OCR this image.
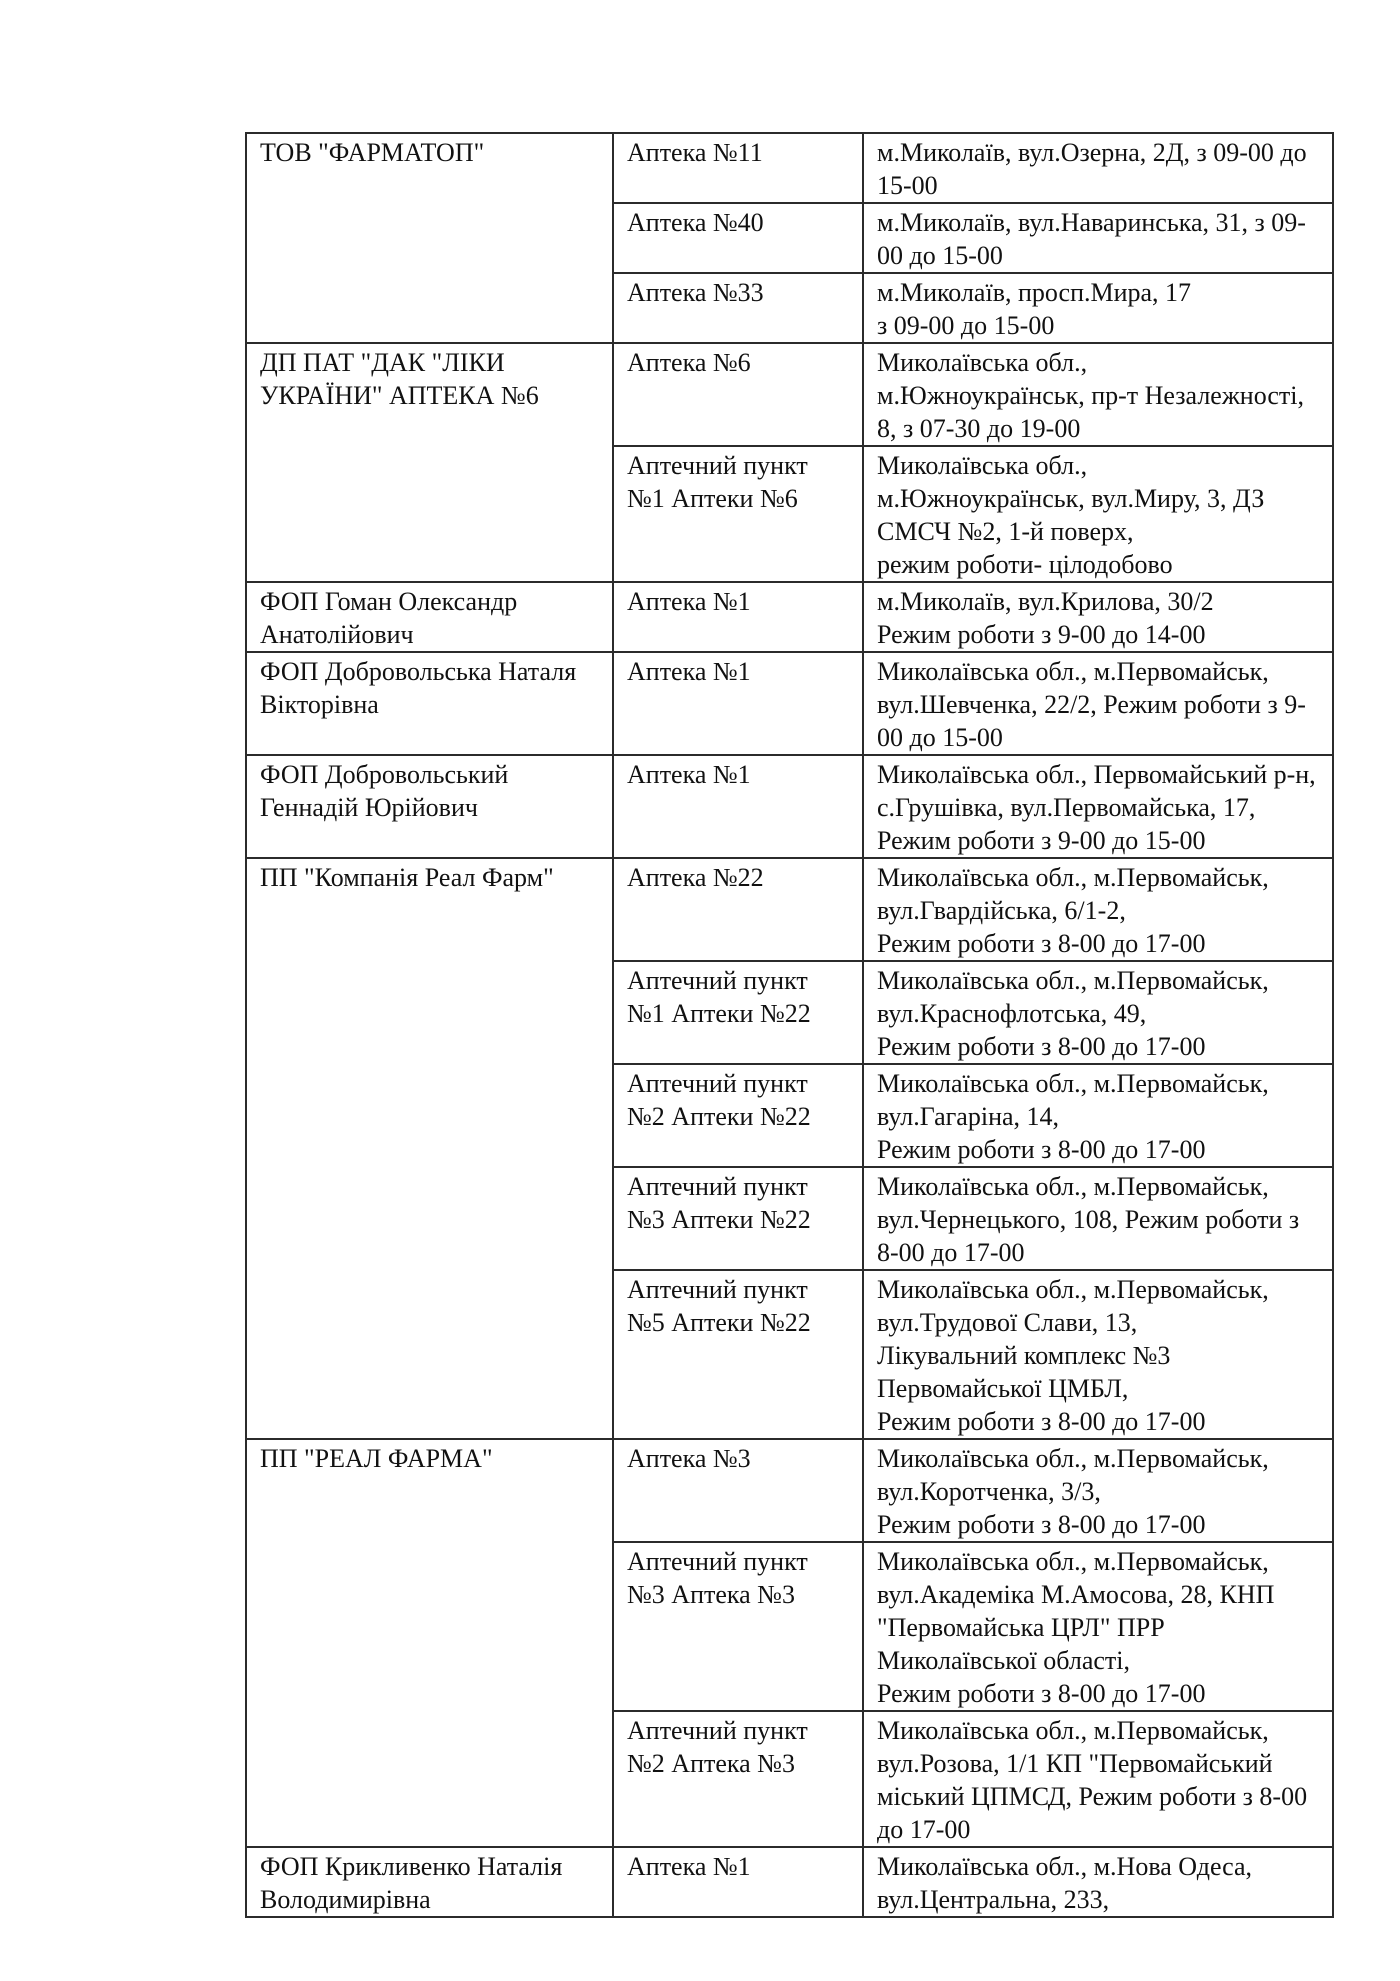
ТОВ "ФАРМАТОП"	Аптека №11	м.Миколаїв, вул.Озерна, 2Д, з 09-00 до 15-00
	Аптека №40	м.Миколаїв, вул.Наваринська, 31, з 09-00 до 15-00
	Аптека №33	м.Миколаїв, просп.Мира, 17
з 09-00 до 15-00
ДП ПАТ "ДАК "ЛІКИ УКРАЇНИ" АПТЕКА №6	Аптека №6	Миколаївська обл.,
м.Южноукраїнськ, пр-т Незалежності, 8, з 07-30 до 19-00
	Аптечний пункт №1 Аптеки №6	Миколаївська обл.,
м.Южноукраїнськ, вул.Миру, 3, ДЗ СМСЧ №2, 1-й поверх,
режим роботи- цілодобово
ФОП Гоман Олександр Анатолійович	Аптека №1	м.Миколаїв, вул.Крилова, 30/2
Режим роботи з 9-00 до 14-00
ФОП Добровольська Наталя Вікторівна	Аптека №1	Миколаївська обл., м.Первомайськ, вул.Шевченка, 22/2, Режим роботи з 9-00 до 15-00
ФОП Добровольський Геннадій Юрійович	Аптека №1	Миколаївська обл., Первомайський р-н, с.Грушівка, вул.Первомайська, 17, Режим роботи з 9-00 до 15-00
ПП "Компанія Реал Фарм"	Аптека №22	Миколаївська обл., м.Первомайськ, вул.Гвардійська, 6/1-2,
Режим роботи з 8-00 до 17-00
	Аптечний пункт №1 Аптеки №22	Миколаївська обл., м.Первомайськ, вул.Краснофлотська, 49,
Режим роботи з 8-00 до 17-00
	Аптечний пункт №2 Аптеки №22	Миколаївська обл., м.Первомайськ, вул.Гагаріна, 14,
Режим роботи з 8-00 до 17-00
	Аптечний пункт №3 Аптеки №22	Миколаївська обл., м.Первомайськ, вул.Чернецького, 108, Режим роботи з 8-00 до 17-00
	Аптечний пункт №5 Аптеки №22	Миколаївська обл., м.Первомайськ, вул.Трудової Слави, 13,
Лікувальний комплекс №3 Первомайської ЦМБЛ,
Режим роботи з 8-00 до 17-00
ПП "РЕАЛ ФАРМА"	Аптека №3	Миколаївська обл., м.Первомайськ, вул.Коротченка, 3/3,
Режим роботи з 8-00 до 17-00
	Аптечний пункт №3 Аптека №3	Миколаївська обл., м.Первомайськ, вул.Академіка М.Амосова, 28, КНП "Первомайська ЦРЛ" ПРР Миколаївської області,
Режим роботи з 8-00 до 17-00
	Аптечний пункт №2 Аптека №3	Миколаївська обл., м.Первомайськ, вул.Розова, 1/1 КП "Первомайський міський ЦПМСД, Режим роботи з 8-00 до 17-00
ФОП Крикливенко Наталія Володимирівна	Аптека №1	Миколаївська обл., м.Нова Одеса, вул.Центральна, 233,
